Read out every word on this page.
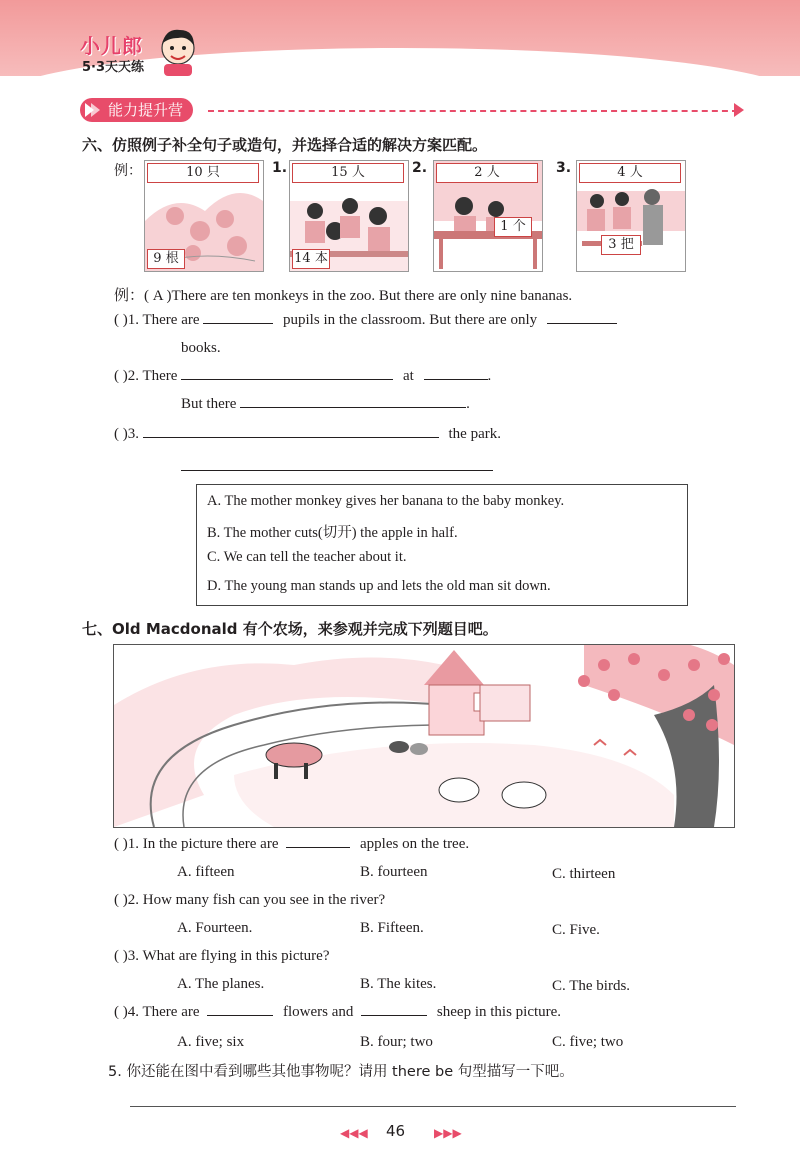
小儿郎
5·3天天练
能力提升营
六、仿照例子补全句子或造句，并选择合适的解决方案匹配。
例：	1.	2.	3.
10 只
9 根
15 人
14 本
2 人
1 个
4 人
3 把
例：( A )There are ten monkeys in the zoo. But there are only nine bananas.
( )1. There are	pupils in the classroom. But there are only
books.
( )2. There	at	.
But there	.
( )3.	the park.
A. The mother monkey gives her banana to the baby monkey.
B. The mother cuts(切开) the apple in half.
C. We can tell the teacher about it.
D. The young man stands up and lets the old man sit down.
七、Old Macdonald 有个农场，来参观并完成下列题目吧。
( )1. In the picture there are	apples on the tree.
A. fifteen	B. fourteen	C. thirteen
( )2. How many fish can you see in the river?
A. Fourteen.	B. Fifteen.	C. Five.
( )3. What are flying in this picture?
A. The planes.	B. The kites.	C. The birds.
( )4. There are	flowers and	sheep in this picture.
A. five; six	B. four; two	C. five; two
5. 你还能在图中看到哪些其他事物呢？请用 there be 句型描写一下吧。
◀◀◀ 46 ▶▶▶
